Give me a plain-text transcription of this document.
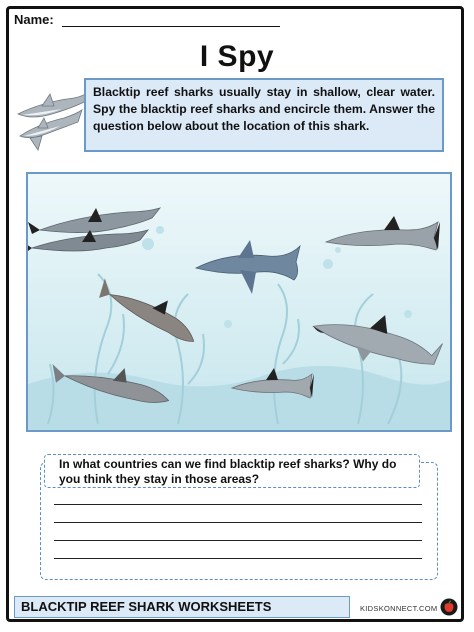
Name:
I Spy
Blacktip reef sharks usually stay in shallow, clear water. Spy the blacktip reef sharks and encircle them. Answer the question below about the location of this shark.
In what countries can we find blacktip reef sharks? Why do you think they stay in those areas?
BLACKTIP REEF SHARK WORKSHEETS	KIDSKONNECT.COM
